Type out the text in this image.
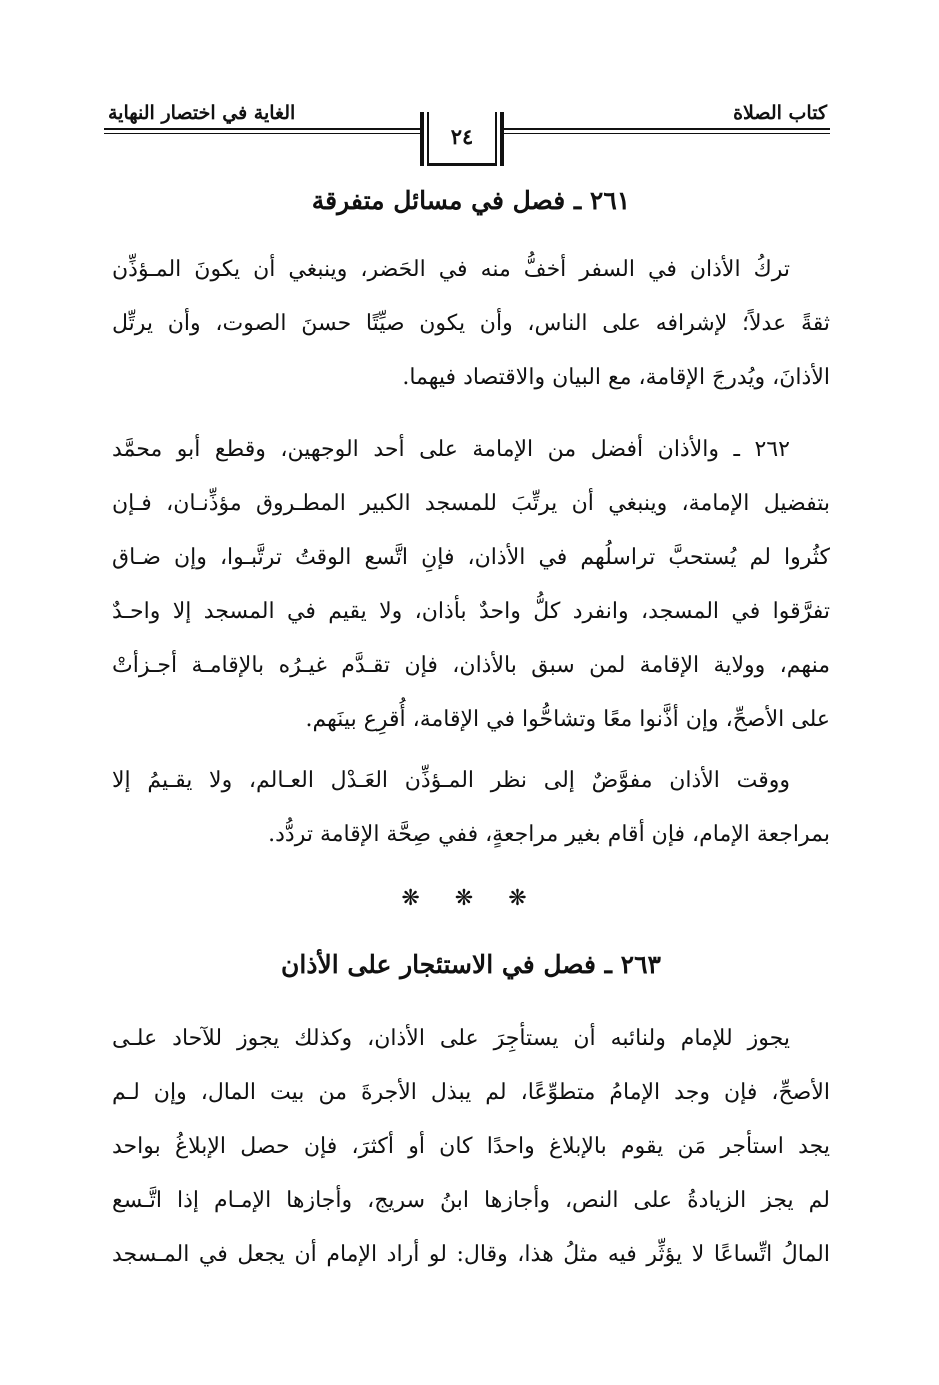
كتاب الصلاة
الغاية في اختصار النهاية
٢٤
٢٦١ ـ فصل في مسائل متفرقة
تركُ الأذان في السفر أخفُّ منه في الحَضر، وينبغي أن يكونَ المـؤذِّن
ثقةً عدلاً؛ لإشرافه على الناس، وأن يكون صيِّتًا حسنَ الصوت، وأن يرتِّل
الأذانَ، ويُدرجَ الإقامة، مع البيان والاقتصاد فيهما.
٢٦٢ ـ والأذان أفضل من الإمامة على أحد الوجهين، وقطع أبو محمَّد
بتفضيل الإمامة، وينبغي أن يرتِّبَ للمسجد الكبير المطـروق مؤذِّنـان، فـإن
كثُروا لم يُستحبَّ تراسلُهم في الأذان، فإنِ اتَّسع الوقتُ ترتَّبـوا، وإن ضـاق
تفرَّقوا في المسجد، وانفرد كلُّ واحدٌ بأذان، ولا يقيم في المسجد إلا واحـدٌ
منهم، وولاية الإقامة لمن سبق بالأذان، فإن تقـدَّم غيـرُه بالإقامـة أجـزأتْ
على الأصحِّ، وإن أذَّنوا معًا وتشاحُّوا في الإقامة، أُقرِع بينَهم.
ووقت الأذان مفوَّضٌ إلى نظر المـؤذِّن العَـدْل العـالم، ولا يقـيمُ إلا
بمراجعة الإمام، فإن أقام بغير مراجعةٍ، ففي صِحَّة الإقامة تردُّد.
❋ ❋ ❋
٢٦٣ ـ فصل في الاستئجار على الأذان
يجوز للإمام ولنائبه أن يستأجِرَ على الأذان، وكذلك يجوز للآحاد علـى
الأصحِّ، فإن وجد الإمامُ متطوِّعًا، لم يبذل الأجرةَ من بيت المال، وإن لـم
يجد استأجر مَن يقوم بالإبلاغ واحدًا كان أو أكثرَ، فإن حصل الإبلاغُ بواحد
لم يجز الزيادةُ على النص، وأجازها ابنُ سريج، وأجازها الإمـام إذا اتَّـسع
المالُ اتِّساعًا لا يؤثِّر فيه مثلُ هذا، وقال: لو أراد الإمام أن يجعل في المـسجد
